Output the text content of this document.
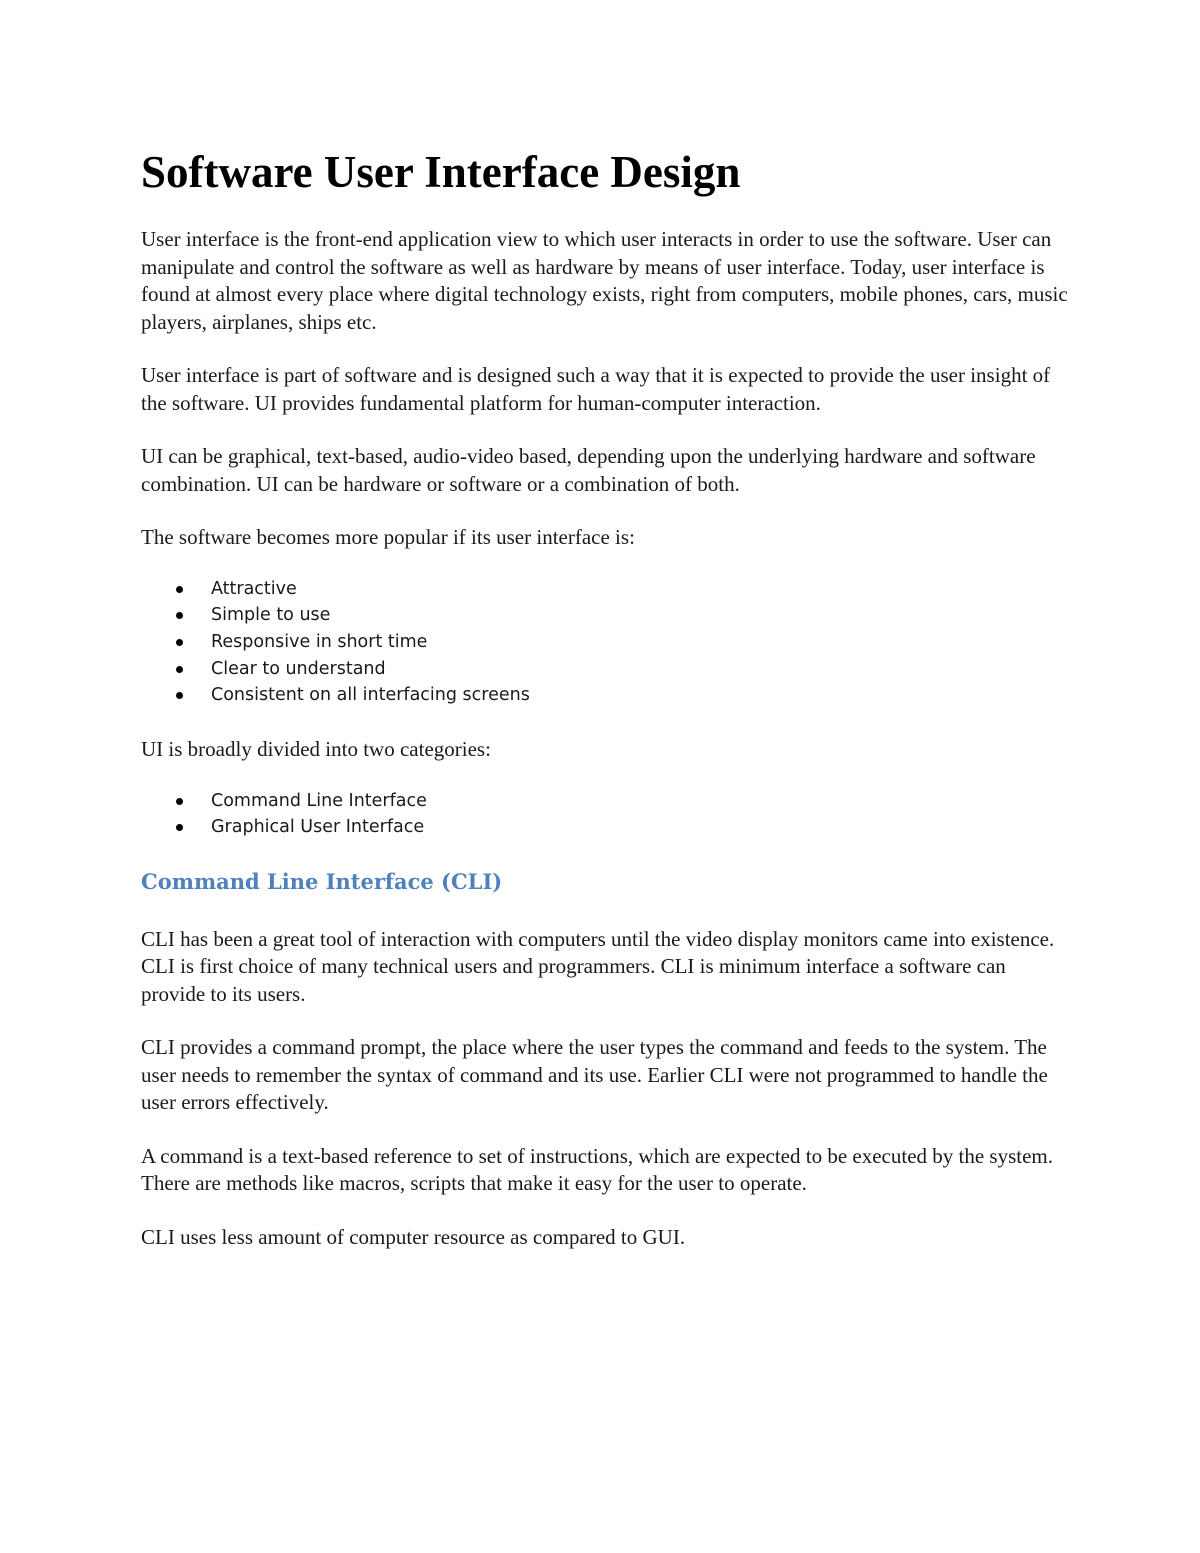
Software User Interface Design

User interface is the front-end application view to which user interacts in order to use the software. User can manipulate and control the software as well as hardware by means of user interface. Today, user interface is found at almost every place where digital technology exists, right from computers, mobile phones, cars, music players, airplanes, ships etc.

User interface is part of software and is designed such a way that it is expected to provide the user insight of the software. UI provides fundamental platform for human-computer interaction.

UI can be graphical, text-based, audio-video based, depending upon the underlying hardware and software combination. UI can be hardware or software or a combination of both.

The software becomes more popular if its user interface is:

Attractive
Simple to use
Responsive in short time
Clear to understand
Consistent on all interfacing screens

UI is broadly divided into two categories:

Command Line Interface
Graphical User Interface
Command Line Interface (CLI)

CLI has been a great tool of interaction with computers until the video display monitors came into existence. CLI is first choice of many technical users and programmers. CLI is minimum interface a software can provide to its users.

CLI provides a command prompt, the place where the user types the command and feeds to the system. The user needs to remember the syntax of command and its use. Earlier CLI were not programmed to handle the user errors effectively.

A command is a text-based reference to set of instructions, which are expected to be executed by the system. There are methods like macros, scripts that make it easy for the user to operate.

CLI uses less amount of computer resource as compared to GUI.
